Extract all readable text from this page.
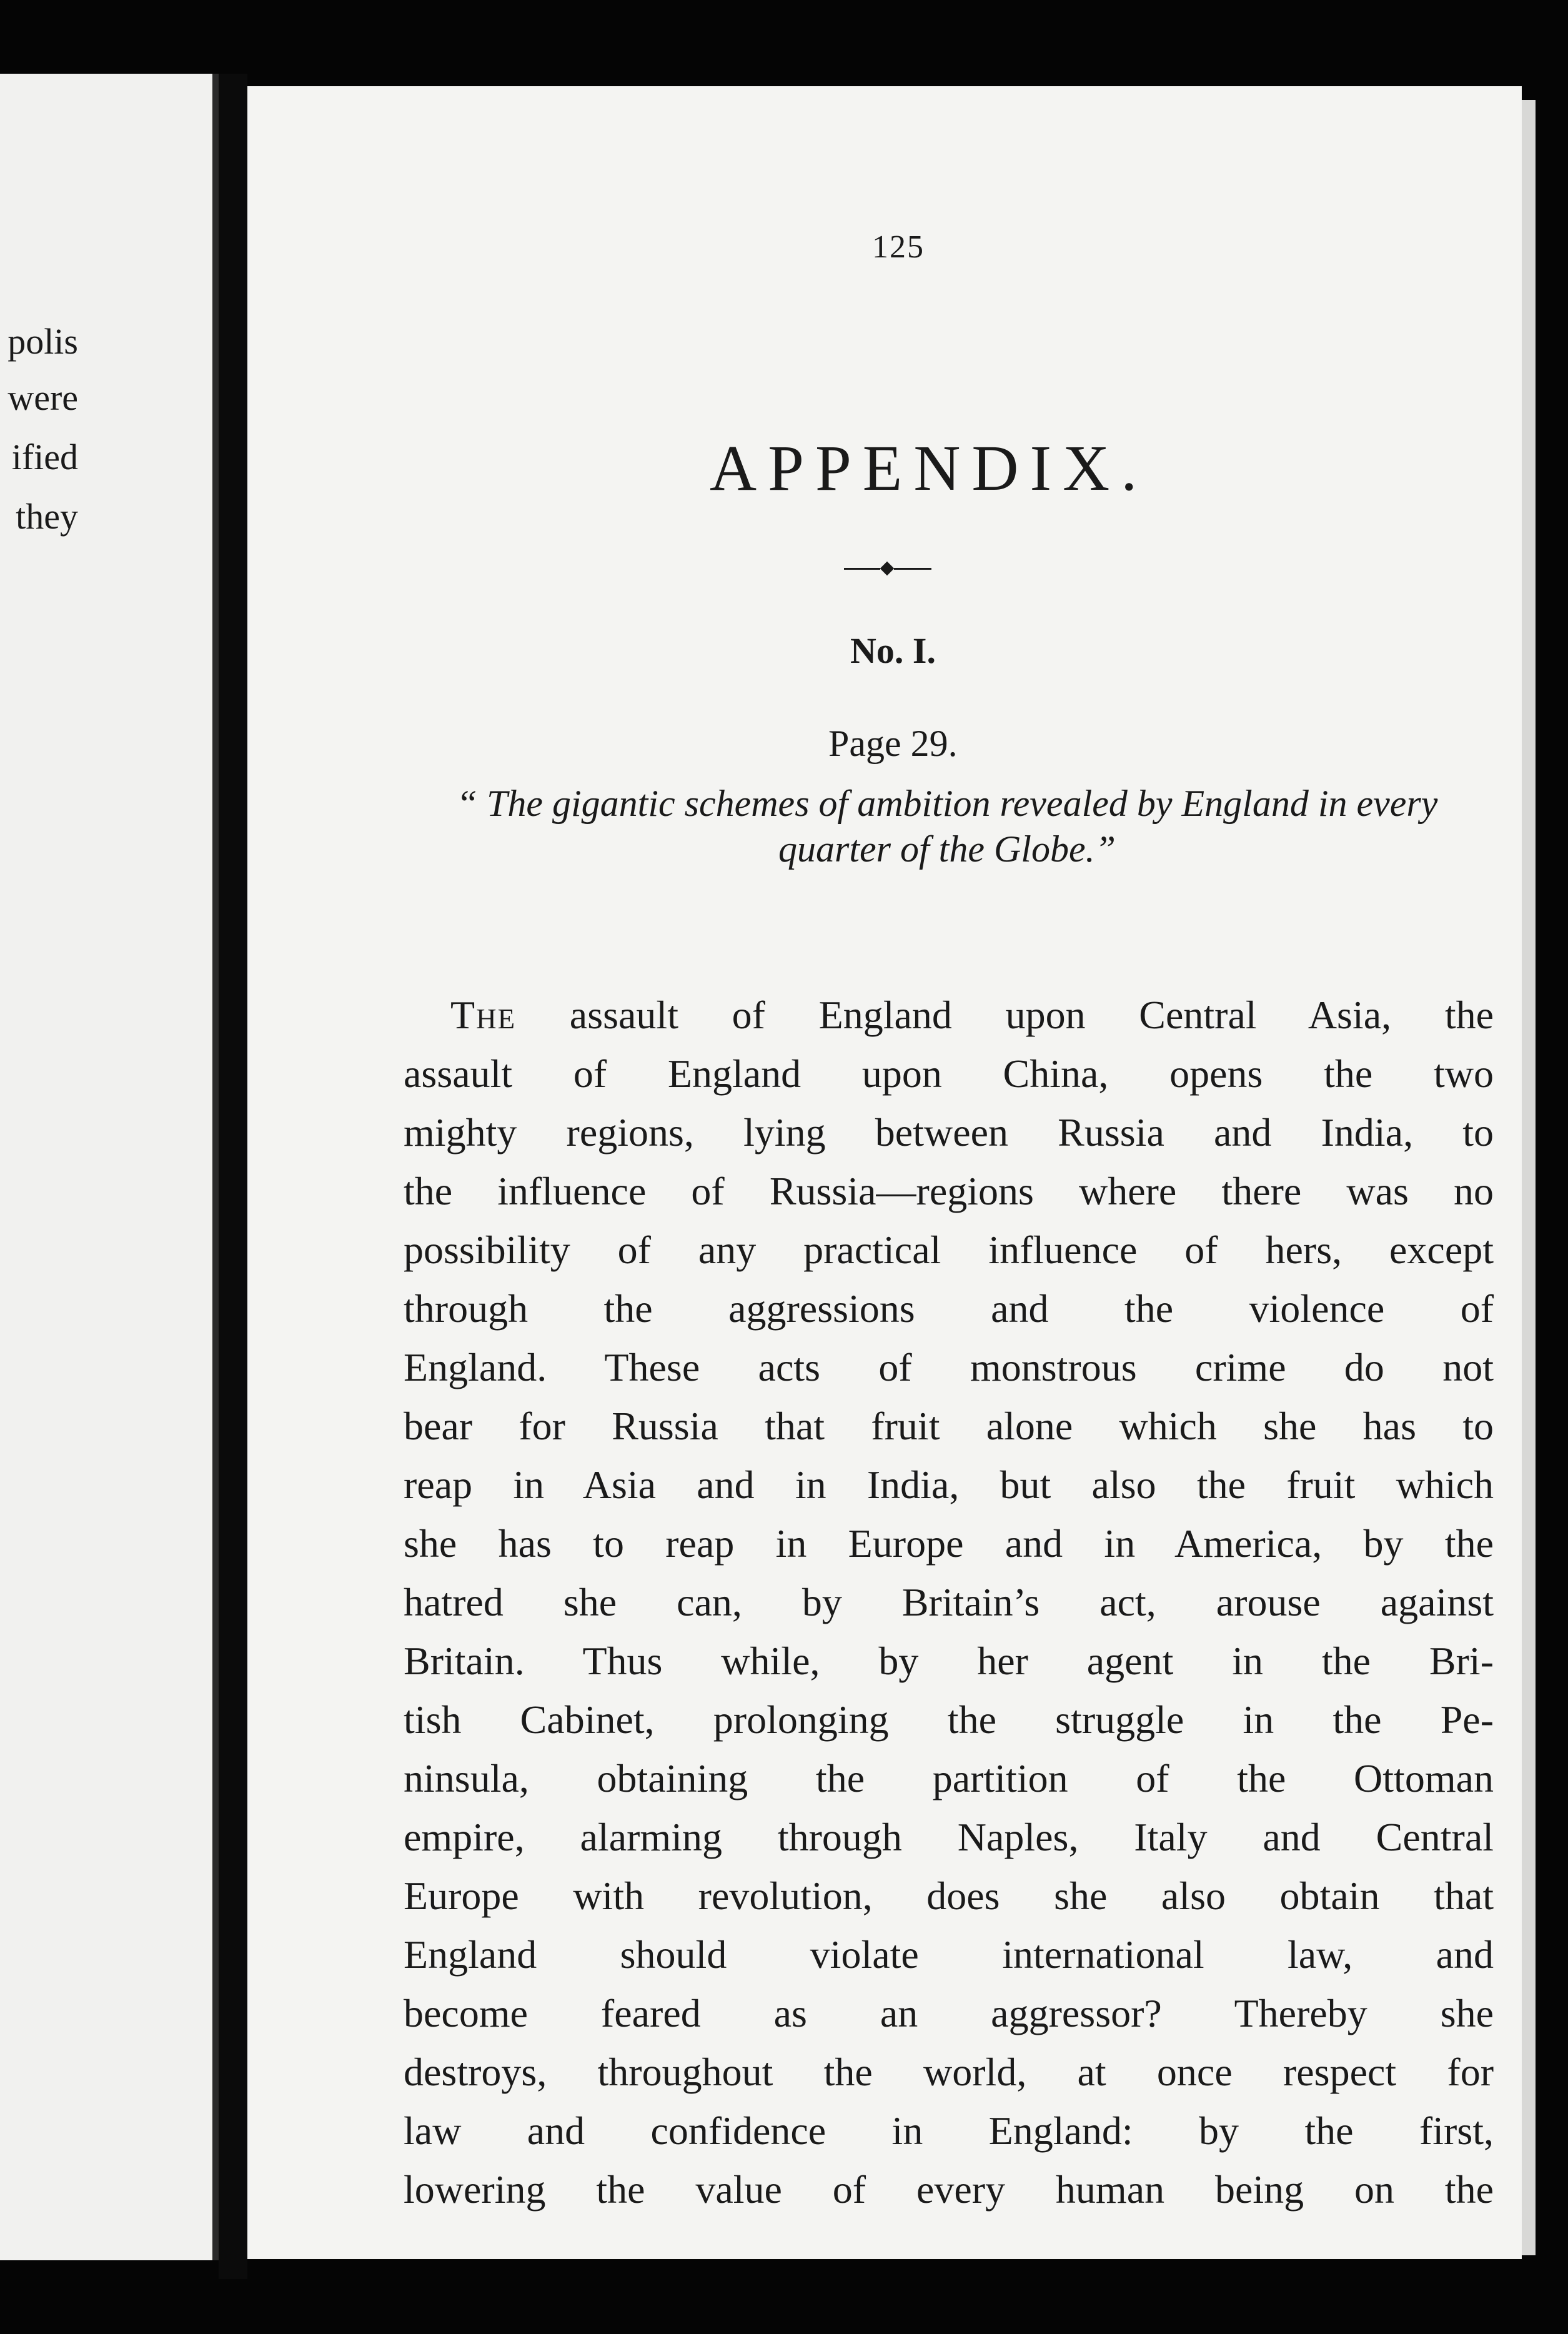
polis
were
ified
they
125
APPENDIX.
No. I.
Page 29.
“ The gigantic schemes of ambition revealed by England in every quarter of the Globe.”
The assault of England upon Central Asia, the
assault of England upon China, opens the two
mighty regions, lying between Russia and India, to
the influence of Russia—regions where there was no
possibility of any practical influence of hers, except
through the aggressions and the violence of
England. These acts of monstrous crime do not
bear for Russia that fruit alone which she has to
reap in Asia and in India, but also the fruit which
she has to reap in Europe and in America, by the
hatred she can, by Britain’s act, arouse against
Britain. Thus while, by her agent in the Bri-
tish Cabinet, prolonging the struggle in the Pe-
ninsula, obtaining the partition of the Ottoman
empire, alarming through Naples, Italy and Central
Europe with revolution, does she also obtain that
England should violate international law, and
become feared as an aggressor? Thereby she
destroys, throughout the world, at once respect for
law and confidence in England: by the first,
lowering the value of every human being on the
